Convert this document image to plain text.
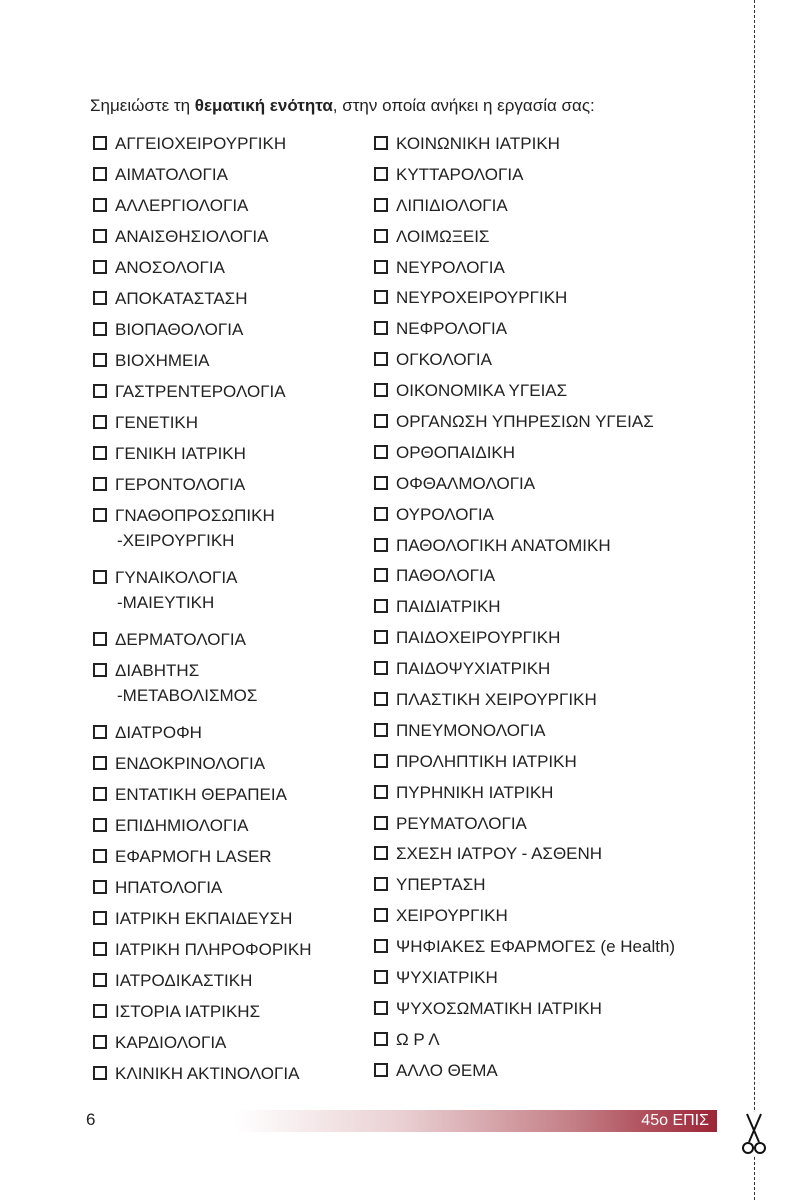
Σημειώστε τη θεματική ενότητα, στην οποία ανήκει η εργασία σας:
ΑΓΓΕΙΟΧΕΙΡΟΥΡΓΙΚΗ
ΑΙΜΑΤΟΛΟΓΙΑ
ΑΛΛΕΡΓΙΟΛΟΓΙΑ
ΑΝΑΙΣΘΗΣΙΟΛΟΓΙΑ
ΑΝΟΣΟΛΟΓΙΑ
ΑΠΟΚΑΤΑΣΤΑΣΗ
ΒΙΟΠΑΘΟΛΟΓΙΑ
ΒΙΟΧΗΜΕΙΑ
ΓΑΣΤΡΕΝΤΕΡΟΛΟΓΙΑ
ΓΕΝΕΤΙΚΗ
ΓΕΝΙΚΗ ΙΑΤΡΙΚΗ
ΓΕΡΟΝΤΟΛΟΓΙΑ
ΓΝΑΘΟΠΡΟΣΩΠΙΚΗ
-ΧΕΙΡΟΥΡΓΙΚΗ
ΓΥΝΑΙΚΟΛΟΓΙΑ
-ΜΑΙΕΥΤΙΚΗ
ΔΕΡΜΑΤΟΛΟΓΙΑ
ΔΙΑΒΗΤΗΣ
-ΜΕΤΑΒΟΛΙΣΜΟΣ
ΔΙΑΤΡΟΦΗ
ΕΝΔΟΚΡΙΝΟΛΟΓΙΑ
ΕΝΤΑΤΙΚΗ ΘΕΡΑΠΕΙΑ
ΕΠΙΔΗΜΙΟΛΟΓΙΑ
ΕΦΑΡΜΟΓΗ LASER
ΗΠΑΤΟΛΟΓΙΑ
ΙΑΤΡΙΚΗ ΕΚΠΑΙΔΕΥΣΗ
ΙΑΤΡΙΚΗ ΠΛΗΡΟΦΟΡΙΚΗ
ΙΑΤΡΟΔΙΚΑΣΤΙΚΗ
ΙΣΤΟΡΙΑ ΙΑΤΡΙΚΗΣ
ΚΑΡΔΙΟΛΟΓΙΑ
ΚΛΙΝΙΚΗ ΑΚΤΙΝΟΛΟΓΙΑ
ΚΟΙΝΩΝΙΚΗ ΙΑΤΡΙΚΗ
ΚΥΤΤΑΡΟΛΟΓΙΑ
ΛΙΠΙΔΙΟΛΟΓΙΑ
ΛΟΙΜΩΞΕΙΣ
ΝΕΥΡΟΛΟΓΙΑ
ΝΕΥΡΟΧΕΙΡΟΥΡΓΙΚΗ
ΝΕΦΡΟΛΟΓΙΑ
ΟΓΚΟΛΟΓΙΑ
ΟΙΚΟΝΟΜΙΚΑ ΥΓΕΙΑΣ
ΟΡΓΑΝΩΣΗ ΥΠΗΡΕΣΙΩΝ ΥΓΕΙΑΣ
ΟΡΘΟΠΑΙΔΙΚΗ
ΟΦΘΑΛΜΟΛΟΓΙΑ
ΟΥΡΟΛΟΓΙΑ
ΠΑΘΟΛΟΓΙΚΗ ΑΝΑΤΟΜΙΚΗ
ΠΑΘΟΛΟΓΙΑ
ΠΑΙΔΙΑΤΡΙΚΗ
ΠΑΙΔΟΧΕΙΡΟΥΡΓΙΚΗ
ΠΑΙΔΟΨΥΧΙΑΤΡΙΚΗ
ΠΛΑΣΤΙΚΗ ΧΕΙΡΟΥΡΓΙΚΗ
ΠΝΕΥΜΟΝΟΛΟΓΙΑ
ΠΡΟΛΗΠΤΙΚΗ ΙΑΤΡΙΚΗ
ΠΥΡΗΝΙΚΗ ΙΑΤΡΙΚΗ
ΡΕΥΜΑΤΟΛΟΓΙΑ
ΣΧΕΣΗ ΙΑΤΡΟΥ - ΑΣΘΕΝΗ
ΥΠΕΡΤΑΣΗ
ΧΕΙΡΟΥΡΓΙΚΗ
ΨΗΦΙΑΚΕΣ ΕΦΑΡΜΟΓΕΣ (e Health)
ΨΥΧΙΑΤΡΙΚΗ
ΨΥΧΟΣΩΜΑΤΙΚΗ ΙΑΤΡΙΚΗ
Ω Ρ Λ
ΑΛΛΟ ΘΕΜΑ
6	45ο ΕΠΙΣ
